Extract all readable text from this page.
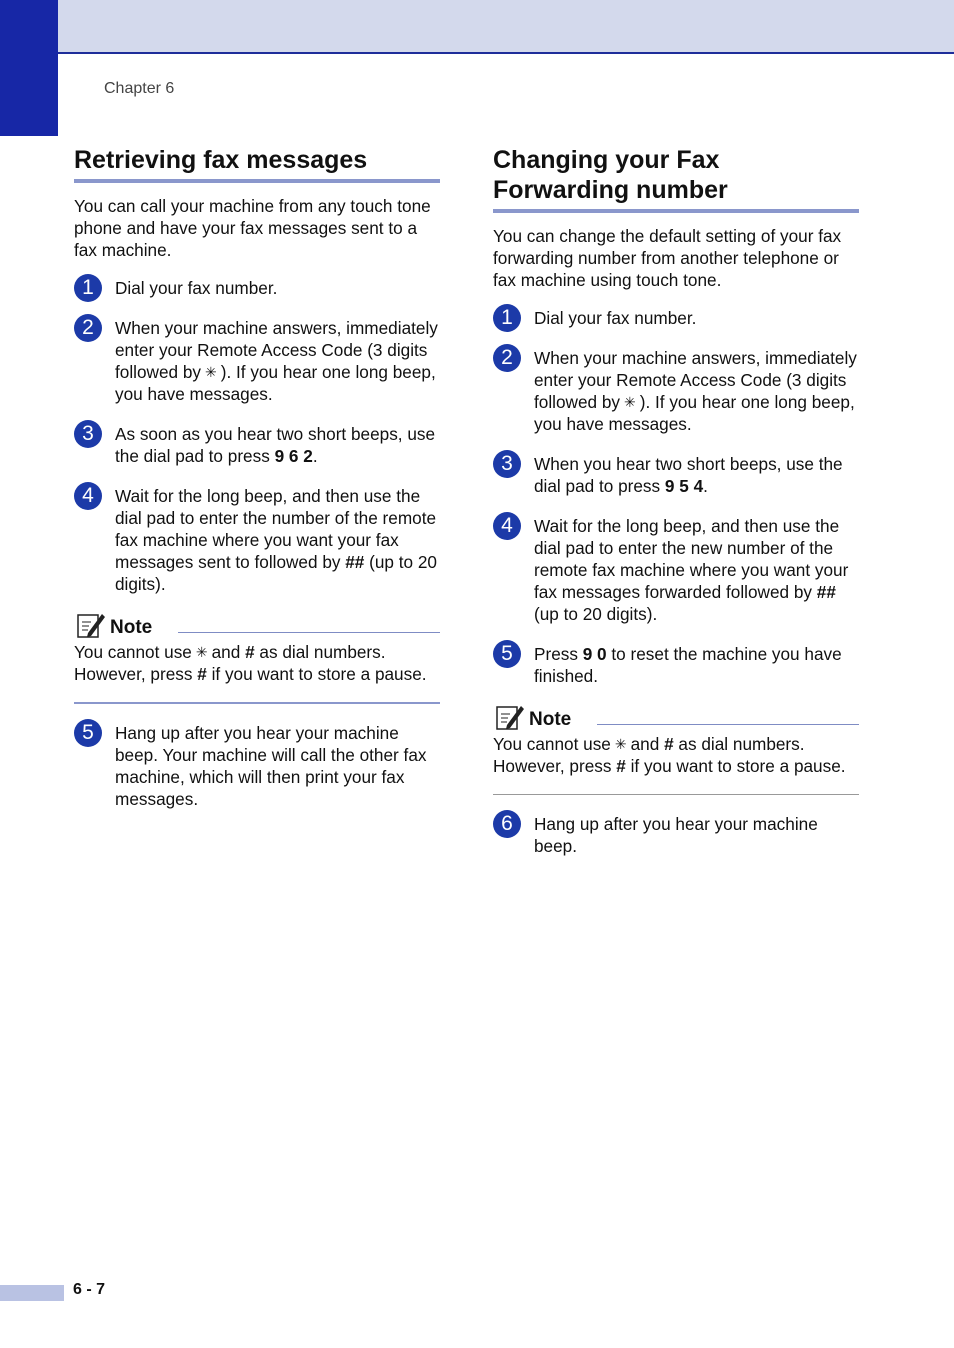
Chapter 6
Retrieving fax messages

You can call your machine from any touch tone phone and have your fax messages sent to a fax machine.

1	Dial your fax number.
2	When your machine answers, immediately enter your Remote Access Code (3 digits followed by ✳ ). If you hear one long beep, you have messages.
3	As soon as you hear two short beeps, use the dial pad to press 9 6 2.
4	Wait for the long beep, and then use the dial pad to enter the number of the remote fax machine where you want your fax messages sent to followed by ## (up to 20 digits).
Note
You cannot use ✳ and # as dial numbers. However, press # if you want to store a pause.
5	Hang up after you hear your machine beep. Your machine will call the other fax machine, which will then print your fax messages.
Changing your Fax Forwarding number

You can change the default setting of your fax forwarding number from another telephone or fax machine using touch tone.

1	Dial your fax number.
2	When your machine answers, immediately enter your Remote Access Code (3 digits followed by ✳ ). If you hear one long beep, you have messages.
3	When you hear two short beeps, use the dial pad to press 9 5 4.
4	Wait for the long beep, and then use the dial pad to enter the new number of the remote fax machine where you want your fax messages forwarded followed by ## (up to 20 digits).
5	Press 9 0 to reset the machine you have finished.
Note
You cannot use ✳ and # as dial numbers. However, press # if you want to store a pause.
6	Hang up after you hear your machine beep.
6 - 7
